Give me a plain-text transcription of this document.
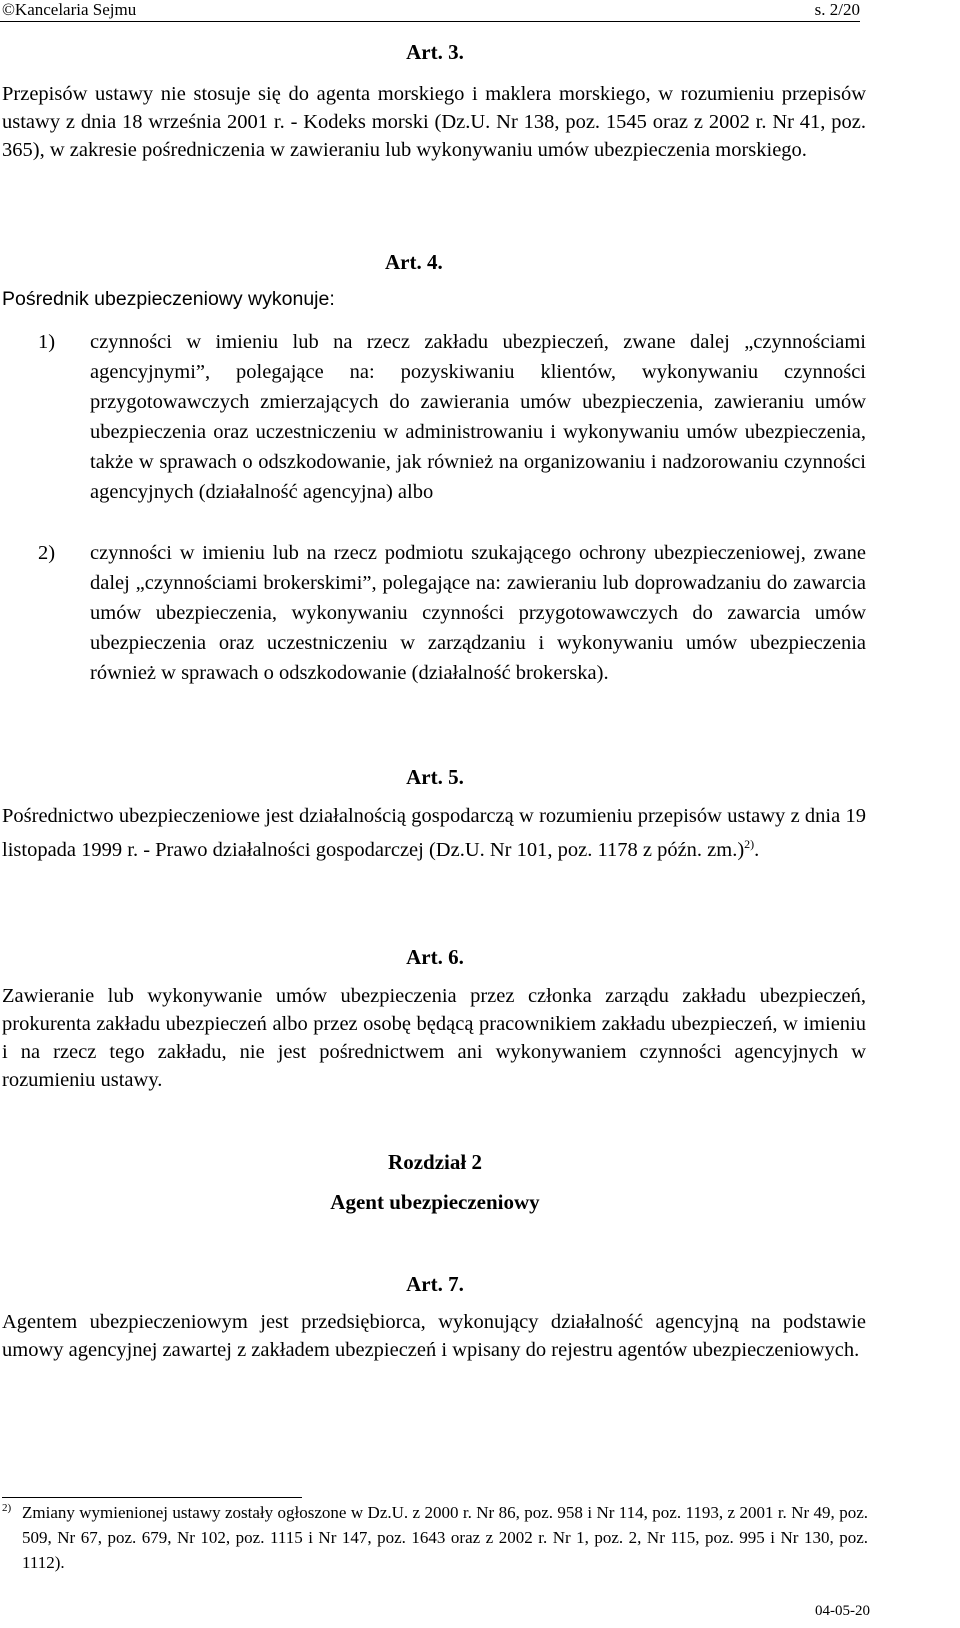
©Kancelaria Sejmu	s. 2/20
Art. 3.
Przepisów ustawy nie stosuje się do agenta morskiego i maklera morskiego, w rozumieniu przepisów ustawy z dnia 18 września 2001 r. - Kodeks morski (Dz.U. Nr 138, poz. 1545 oraz z 2002 r. Nr 41, poz. 365), w zakresie pośredniczenia w zawieraniu lub wykonywaniu umów ubezpieczenia morskiego.
Art. 4.
Pośrednik ubezpieczeniowy wykonuje:
1)	czynności w imieniu lub na rzecz zakładu ubezpieczeń, zwane dalej „czynnościami agencyjnymi”, polegające na: pozyskiwaniu klientów, wykonywaniu czynności przygotowawczych zmierzających do zawierania umów ubezpieczenia, zawieraniu umów ubezpieczenia oraz uczestniczeniu w administrowaniu i wykonywaniu umów ubezpieczenia, także w sprawach o odszkodowanie, jak również na organizowaniu i nadzorowaniu czynności agencyjnych (działalność agencyjna) albo
2)	czynności w imieniu lub na rzecz podmiotu szukającego ochrony ubezpieczeniowej, zwane dalej „czynnościami brokerskimi”, polegające na: zawieraniu lub doprowadzaniu do zawarcia umów ubezpieczenia, wykonywaniu czynności przygotowawczych do zawarcia umów ubezpieczenia oraz uczestniczeniu w zarządzaniu i wykonywaniu umów ubezpieczenia również w sprawach o odszkodowanie (działalność brokerska).
Art. 5.
Pośrednictwo ubezpieczeniowe jest działalnością gospodarczą w rozumieniu przepisów ustawy z dnia 19 listopada 1999 r. - Prawo działalności gospodarczej (Dz.U. Nr 101, poz. 1178 z późn. zm.)$^{2)}$.
Art. 6.
Zawieranie lub wykonywanie umów ubezpieczenia przez członka zarządu zakładu ubezpieczeń, prokurenta zakładu ubezpieczeń albo przez osobę będącą pracownikiem zakładu ubezpieczeń, w imieniu i na rzecz tego zakładu, nie jest pośrednictwem ani wykonywaniem czynności agencyjnych w rozumieniu ustawy.
Rozdział 2
Agent ubezpieczeniowy
Art. 7.
Agentem ubezpieczeniowym jest przedsiębiorca, wykonujący działalność agencyjną na podstawie umowy agencyjnej zawartej z zakładem ubezpieczeń i wpisany do rejestru agentów ubezpieczeniowych.
2) Zmiany wymienionej ustawy zostały ogłoszone w Dz.U. z 2000 r. Nr 86, poz. 958 i Nr 114, poz. 1193, z 2001 r. Nr 49, poz. 509, Nr 67, poz. 679, Nr 102, poz. 1115 i Nr 147, poz. 1643 oraz z 2002 r. Nr 1, poz. 2, Nr 115, poz. 995 i Nr 130, poz. 1112).
04-05-20
